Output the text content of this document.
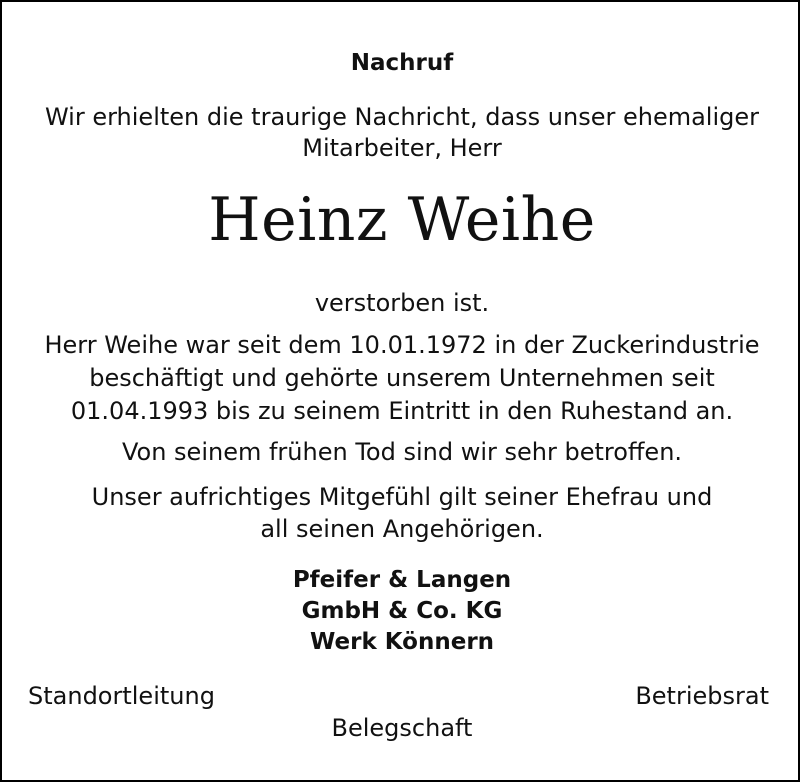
Nachruf
Wir erhielten die traurige Nachricht, dass unser ehemaliger
Mitarbeiter, Herr
Heinz Weihe
verstorben ist.
Herr Weihe war seit dem 10.01.1972 in der Zuckerindustrie
beschäftigt und gehörte unserem Unternehmen seit
01.04.1993 bis zu seinem Eintritt in den Ruhestand an.
Von seinem frühen Tod sind wir sehr betroffen.
Unser aufrichtiges Mitgefühl gilt seiner Ehefrau und
all seinen Angehörigen.
Pfeifer & Langen
GmbH & Co. KG
Werk Könnern
Standortleitung	Betriebsrat
Belegschaft
